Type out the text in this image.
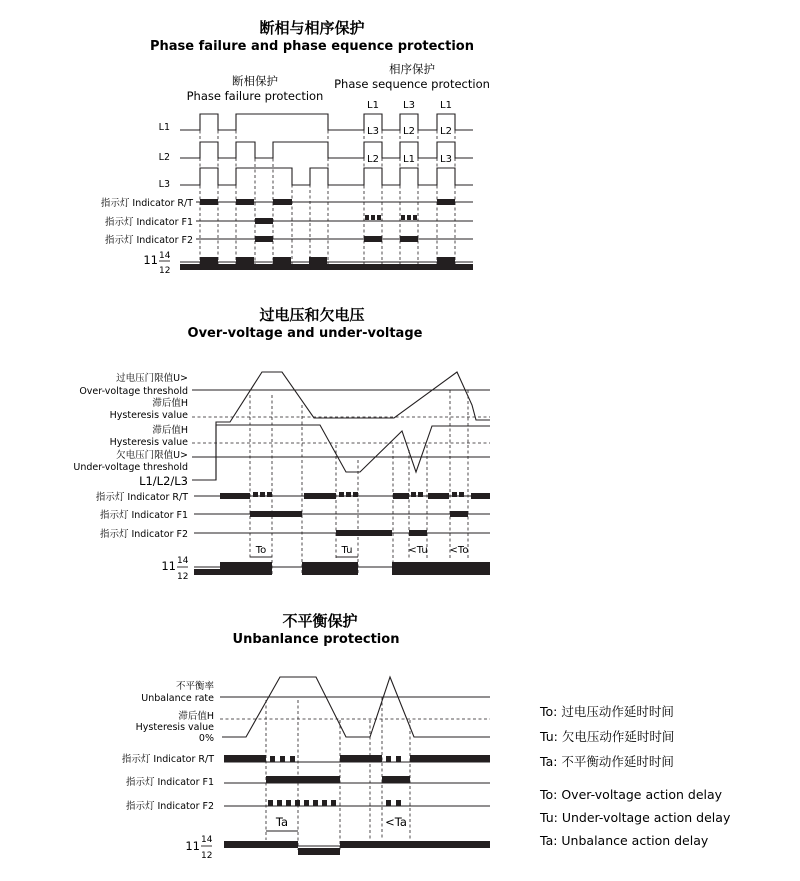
断相与相序保护
Phase failure and phase equence protection
断相保护
Phase failure protection
相序保护
Phase sequence protection
L1 L3	L1
L1
L2
L3
指示灯 Indicator R/T
指示灯 Indicator F1
指示灯 Indicator F2
L3 L2	L2
L2 L1	L3
11 14
12
过电压和欠电压
Over-voltage and under-voltage
过电压门限值U>
Over-voltage threshold
滞后值H
Hysteresis value
滞后值H
Hysteresis value
欠电压门限值U>
Under-voltage threshold
L1/L2/L3
指示灯 Indicator R/T
指示灯 Indicator F1
指示灯 Indicator F2
To	Tu	<Tu <To
11 14
12
不平衡保护
Unbanlance protection
不平衡率
Unbalance rate
滞后值H
Hysteresis value
0%
指示灯 Indicator R/T
指示灯 Indicator F1
指示灯 Indicator F2
Ta	<Ta
11 14
12
To: 过电压动作延时时间
Tu: 欠电压动作延时时间
Ta: 不平衡动作延时时间
To: Over-voltage action delay
Tu: Under-voltage action delay
Ta: Unbalance action delay
